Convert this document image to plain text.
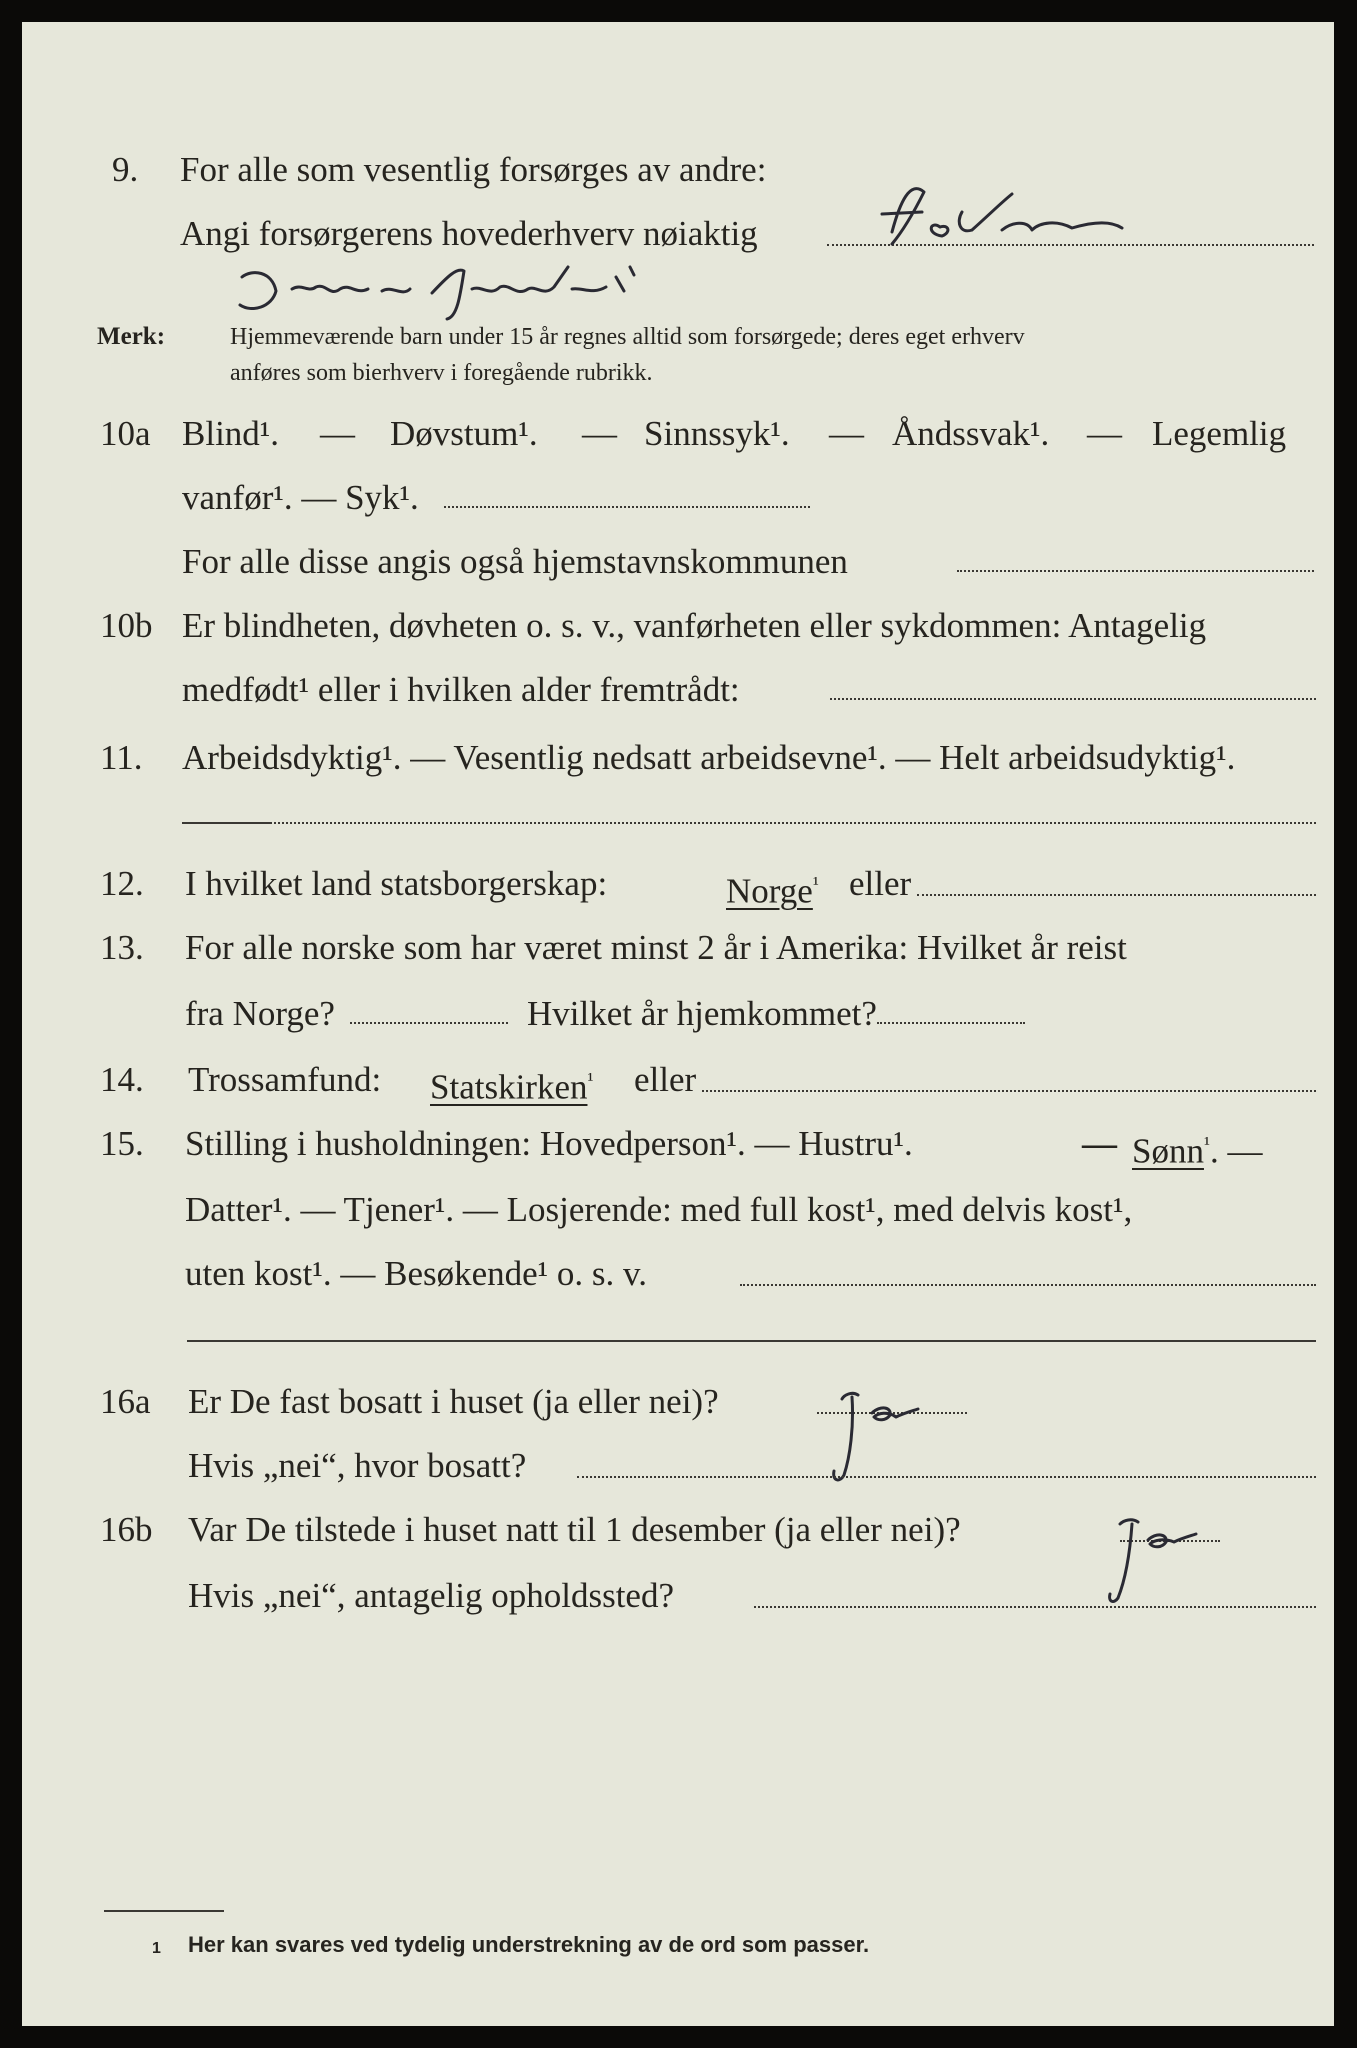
9. For alle som vesentlig forsørges av andre:
Angi forsørgerens hovederhverv nøiaktig
Merk:	Hjemmeværende barn under 15 år regnes alltid som forsørgede; deres eget erhverv
anføres som bierhverv i foregående rubrikk.
10a Blind¹. — Døvstum¹. — Sinnssyk¹. — Åndssvak¹. — Legemlig
vanfør¹. — Syk¹.
For alle disse angis også hjemstavnskommunen
10b Er blindheten, døvheten o. s. v., vanførheten eller sykdommen: Antagelig
medfødt¹ eller i hvilken alder fremtrådt:
11. Arbeidsdyktig¹. — Vesentlig nedsatt arbeidsevne¹. — Helt arbeidsudyktig¹.
12. I hvilket land statsborgerskap:	Norge$^{^1}$ eller
13. For alle norske som har været minst 2 år i Amerika: Hvilket år reist
fra Norge?	Hvilket år hjemkommet?
14. Trossamfund: Statskirken$^{^1}$ eller
15. Stilling i husholdningen: Hovedperson¹. — Hustru¹.	— Sønn$^{^1}$. —
Datter¹. — Tjener¹. — Losjerende: med full kost¹, med delvis kost¹,
uten kost¹. — Besøkende¹ o. s. v.
16a Er De fast bosatt i huset (ja eller nei)?
Hvis „nei“, hvor bosatt?
16b Var De tilstede i huset natt til 1 desember (ja eller nei)?
Hvis „nei“, antagelig opholdssted?
1 Her kan svares ved tydelig understrekning av de ord som passer.
